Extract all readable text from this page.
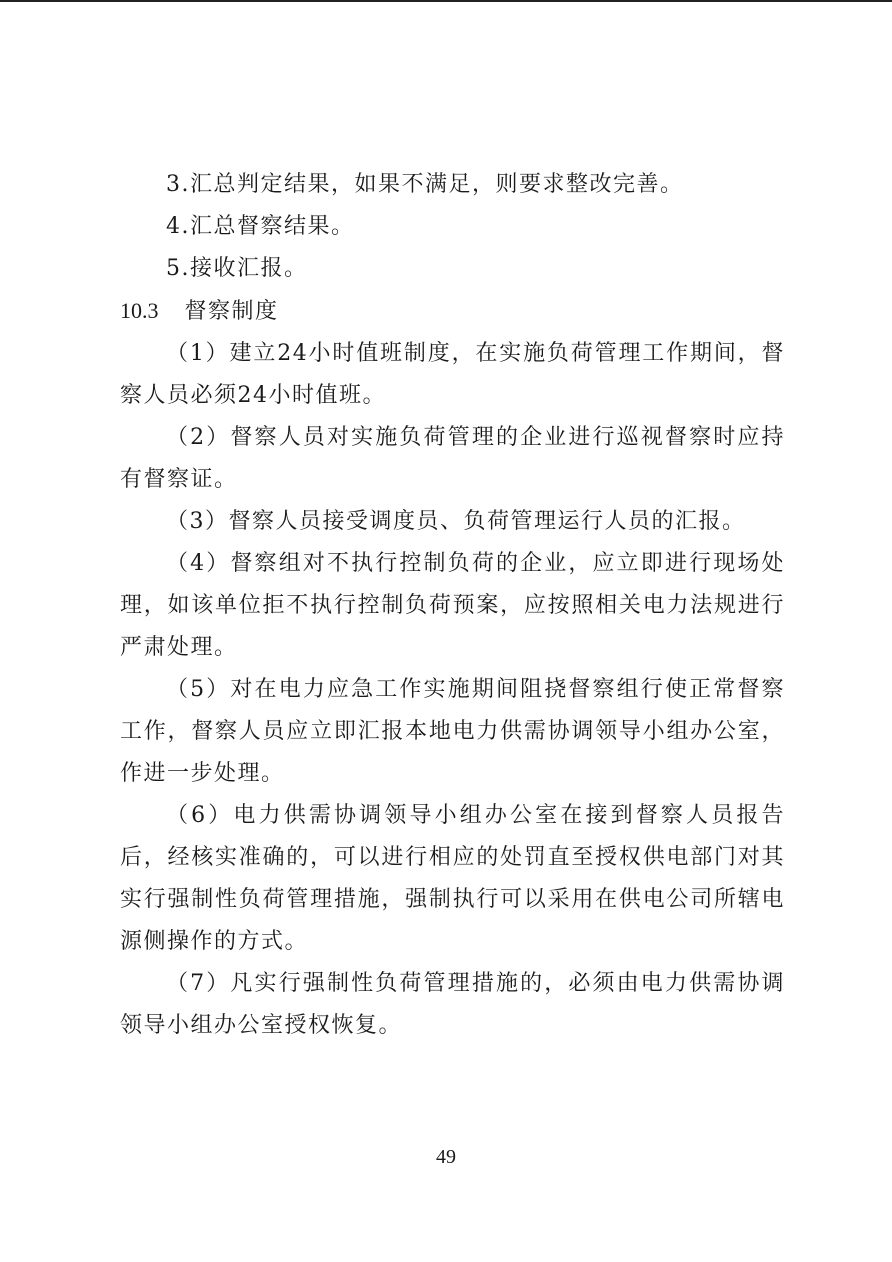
3.汇总判定结果，如果不满足，则要求整改完善。

4.汇总督察结果。

5.接收汇报。

10.3 督察制度

（1）建立24小时值班制度，在实施负荷管理工作期间，督察人员必须24小时值班。

（2）督察人员对实施负荷管理的企业进行巡视督察时应持有督察证。

（3）督察人员接受调度员、负荷管理运行人员的汇报。

（4）督察组对不执行控制负荷的企业，应立即进行现场处理，如该单位拒不执行控制负荷预案，应按照相关电力法规进行严肃处理。

（5）对在电力应急工作实施期间阻挠督察组行使正常督察工作，督察人员应立即汇报本地电力供需协调领导小组办公室，作进一步处理。

（6）电力供需协调领导小组办公室在接到督察人员报告后，经核实准确的，可以进行相应的处罚直至授权供电部门对其实行强制性负荷管理措施，强制执行可以采用在供电公司所辖电源侧操作的方式。

（7）凡实行强制性负荷管理措施的，必须由电力供需协调领导小组办公室授权恢复。

49
